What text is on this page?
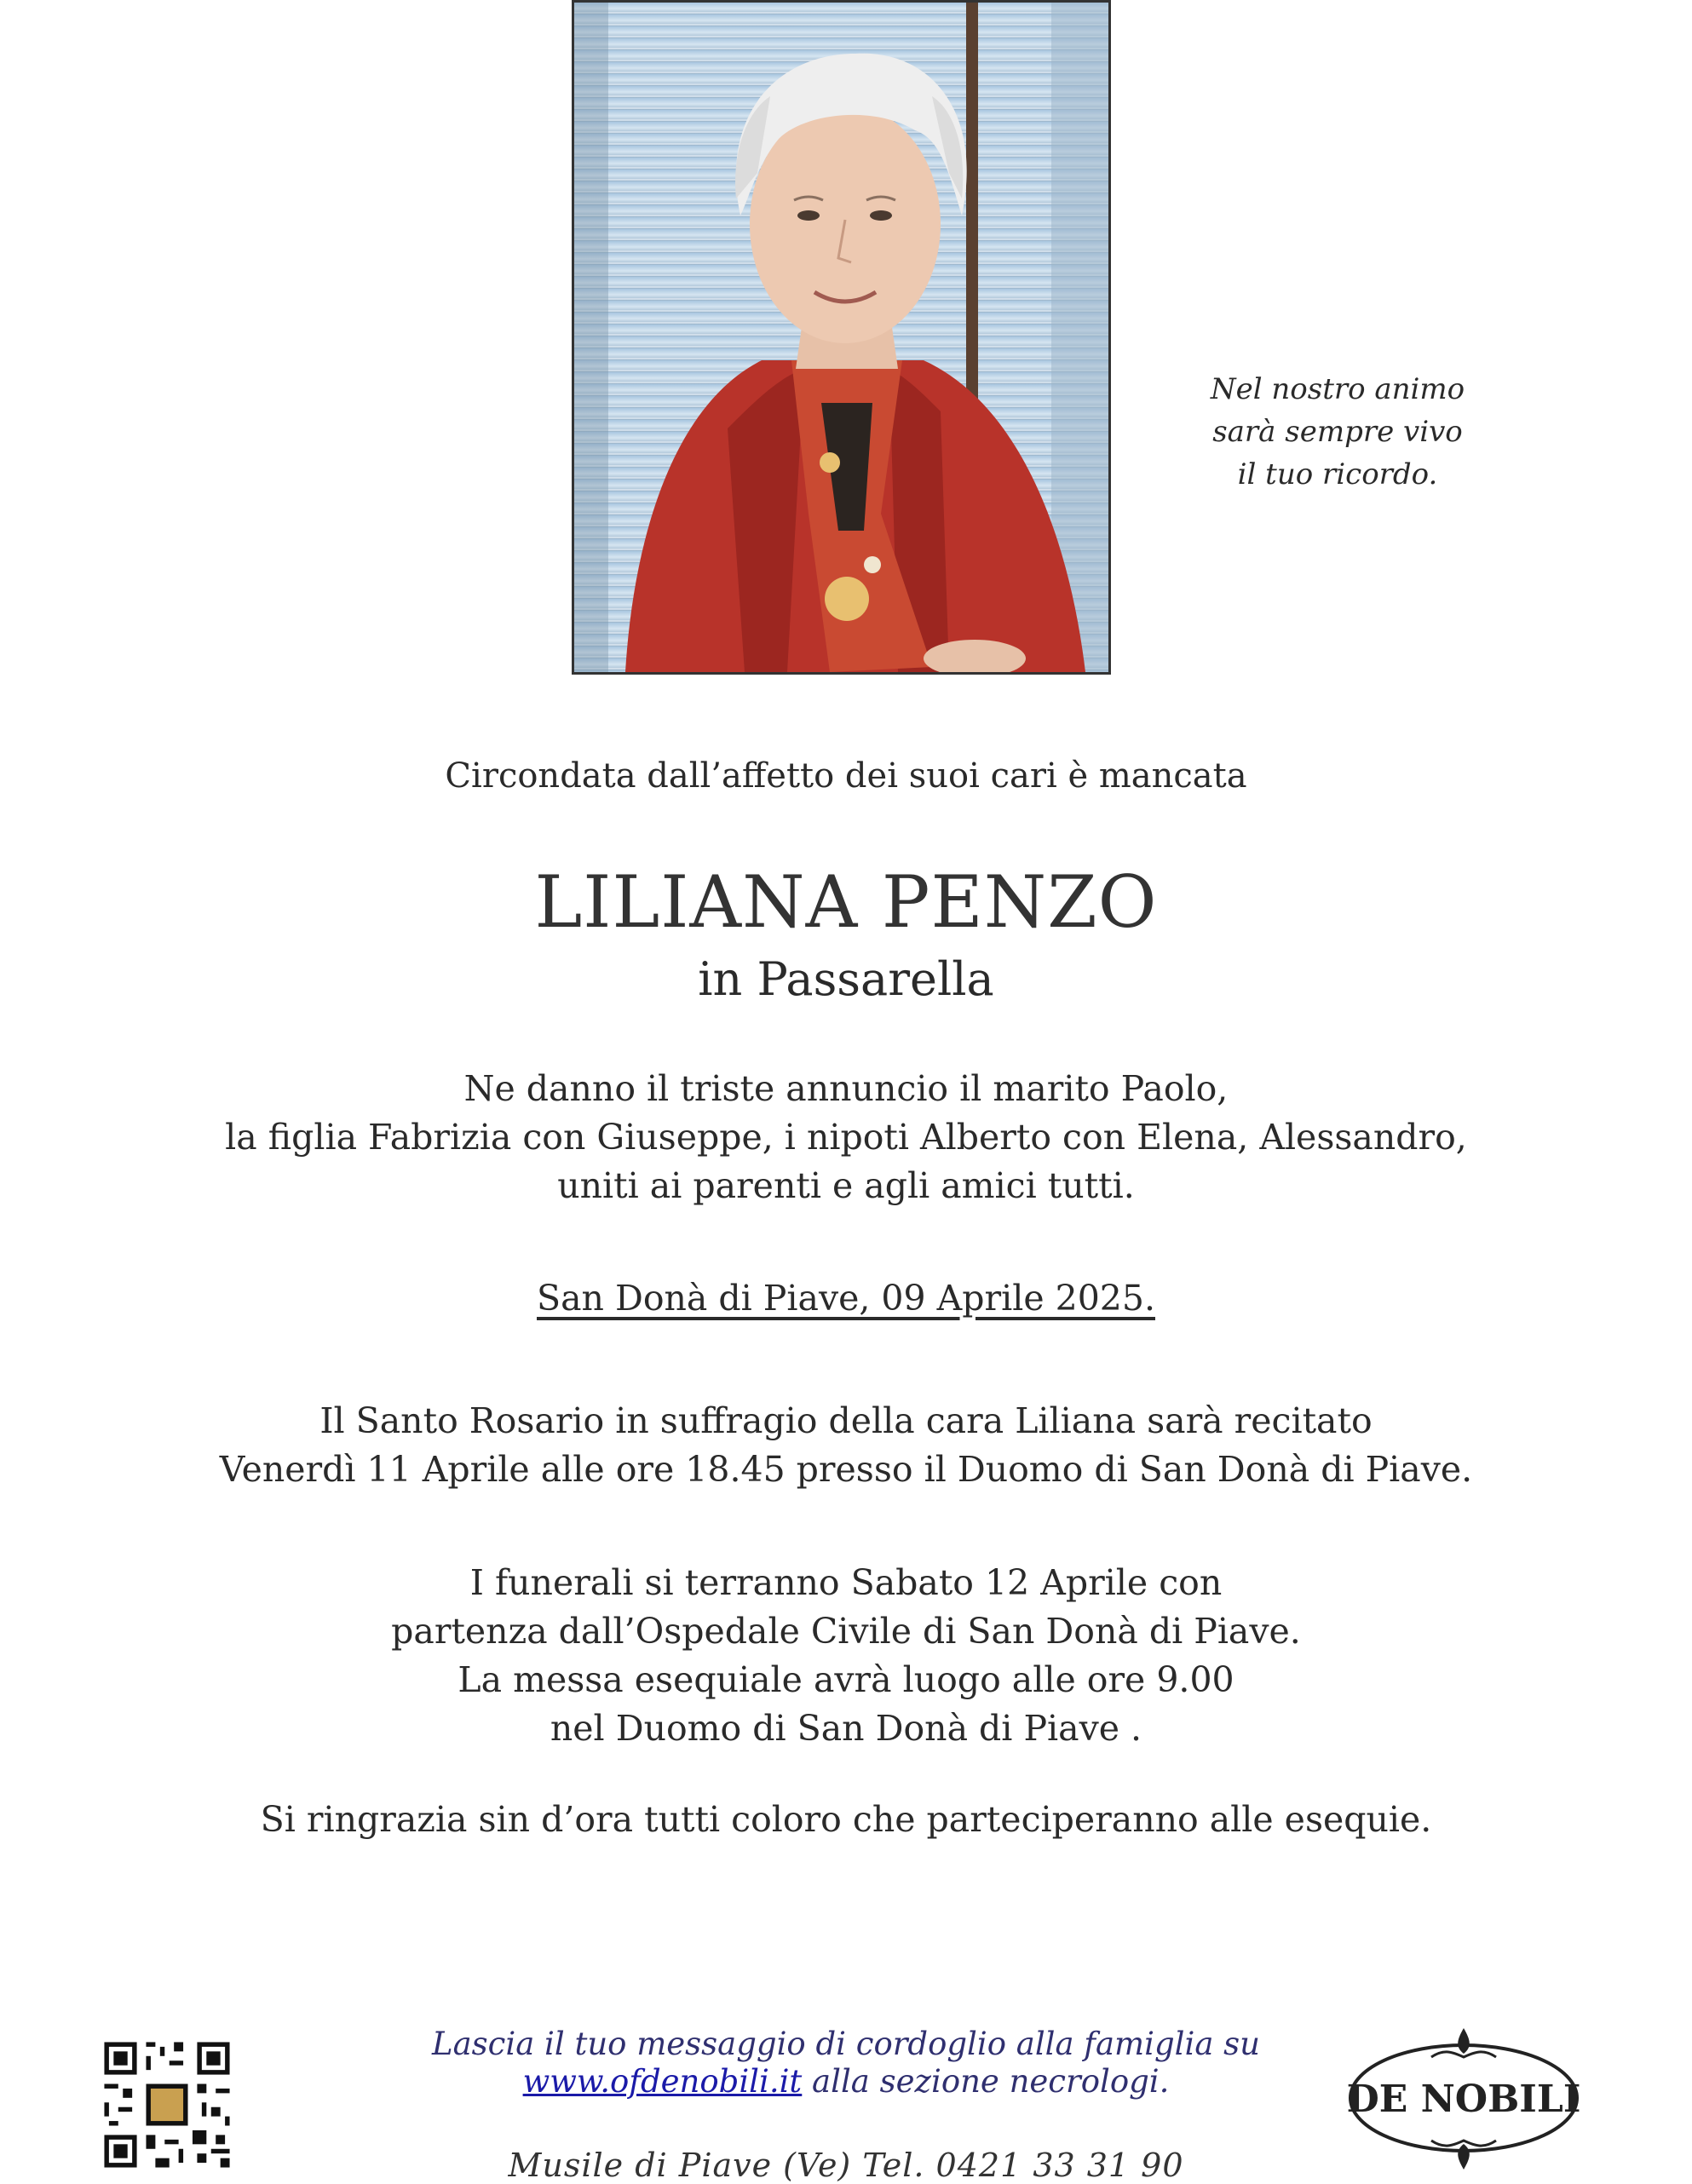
Nel nostro animo
sarà sempre vivo
il tuo ricordo.
Circondata dall’affetto dei suoi cari è mancata
LILIANA PENZO
in Passarella
Ne danno il triste annuncio il marito Paolo,
la figlia Fabrizia con Giuseppe, i nipoti Alberto con Elena, Alessandro,
uniti ai parenti e agli amici tutti.
San Donà di Piave, 09 Aprile 2025.
Il Santo Rosario in suffragio della cara Liliana sarà recitato
Venerdì 11 Aprile alle ore 18.45 presso il Duomo di San Donà di Piave.
I funerali si terranno Sabato 12 Aprile con
partenza dall’Ospedale Civile di San Donà di Piave.
La messa esequiale avrà luogo alle ore 9.00
nel Duomo di San Donà di Piave .
Si ringrazia sin d’ora tutti coloro che parteciperanno alle esequie.
Lascia il tuo messaggio di cordoglio alla famiglia su
www.ofdenobili.it alla sezione necrologi.
Musile di Piave (Ve) Tel. 0421 33 31 90
DE NOBILI
